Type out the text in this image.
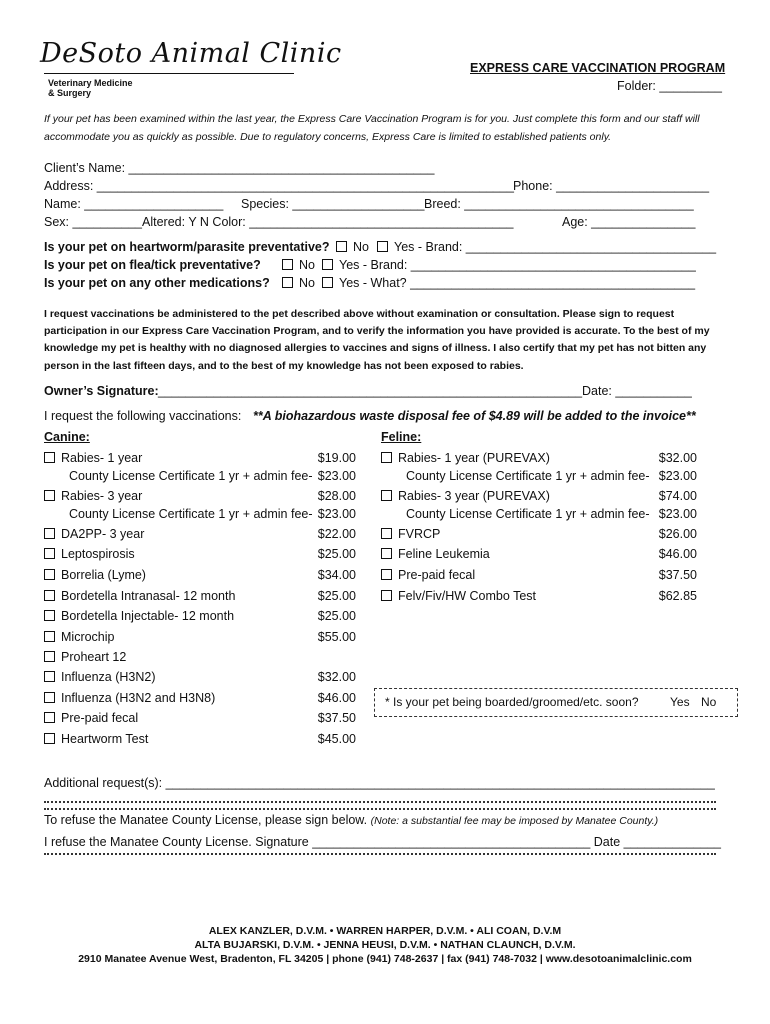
DeSoto Animal Clinic
Veterinary Medicine
& Surgery
EXPRESS CARE VACCINATION PROGRAM
Folder: _________
If your pet has been examined within the last year, the Express Care Vaccination Program is for you. Just complete this form and our staff will accommodate you as quickly as possible. Due to regulatory concerns, Express Care is limited to established patients only.
Client’s Name: ____________________________________________
Address: ____________________________________________________________ Phone: ______________________
Name: ____________________ Species: ___________________ Breed: _________________________________
Sex: __________Altered: Y N Color: ______________________________________	Age: _______________
Is your pet on heartworm/parasite preventative?	No	Yes - Brand: ____________________________________
Is your pet on flea/tick preventative?	No	Yes - Brand: _________________________________________
Is your pet on any other medications?	No	Yes - What? _________________________________________
I request vaccinations be administered to the pet described above without examination or consultation. Please sign to request participation in our Express Care Vaccination Program, and to verify the information you have provided is accurate. To the best of my knowledge my pet is healthy with no diagnosed allergies to vaccines and signs of illness. I also certify that my pet has not bitten any person in the last fifteen days, and to the best of my knowledge has not been exposed to rabies.
Owner’s Signature: _____________________________________________________________ Date: ___________
I request the following vaccinations: **A biohazardous waste disposal fee of $4.89 will be added to the invoice**
Canine:
Rabies- 1 year	$19.00
County License Certificate 1 yr + admin fee- $23.00
Rabies- 3 year	$28.00
County License Certificate 1 yr + admin fee- $23.00
DA2PP- 3 year	$22.00
Leptospirosis	$25.00
Borrelia (Lyme)	$34.00
Bordetella Intranasal- 12 month	$25.00
Bordetella Injectable- 12 month	$25.00
Microchip	$55.00
Proheart 12
Influenza (H3N2)	$32.00
Influenza (H3N2 and H3N8)	$46.00
Pre-paid fecal	$37.50
Heartworm Test	$45.00
Feline:
Rabies- 1 year (PUREVAX)	$32.00
County License Certificate 1 yr + admin fee- $23.00
Rabies- 3 year (PUREVAX)	$74.00
County License Certificate 1 yr + admin fee- $23.00
FVRCP	$26.00
Feline Leukemia	$46.00
Pre-paid fecal	$37.50
Felv/Fiv/HW Combo Test	$62.85
* Is your pet being boarded/groomed/etc. soon?	Yes No
Additional request(s): _______________________________________________________________________________
To refuse the Manatee County License, please sign below. (Note: a substantial fee may be imposed by Manatee County.)
I refuse the Manatee County License. Signature ________________________________________ Date ______________
ALEX KANZLER, D.V.M. • WARREN HARPER, D.V.M. • ALI COAN, D.V.M
ALTA BUJARSKI, D.V.M. • JENNA HEUSI, D.V.M. • NATHAN CLAUNCH, D.V.M.
2910 Manatee Avenue West, Bradenton, FL 34205 | phone (941) 748-2637 | fax (941) 748-7032 | www.desotoanimalclinic.com
